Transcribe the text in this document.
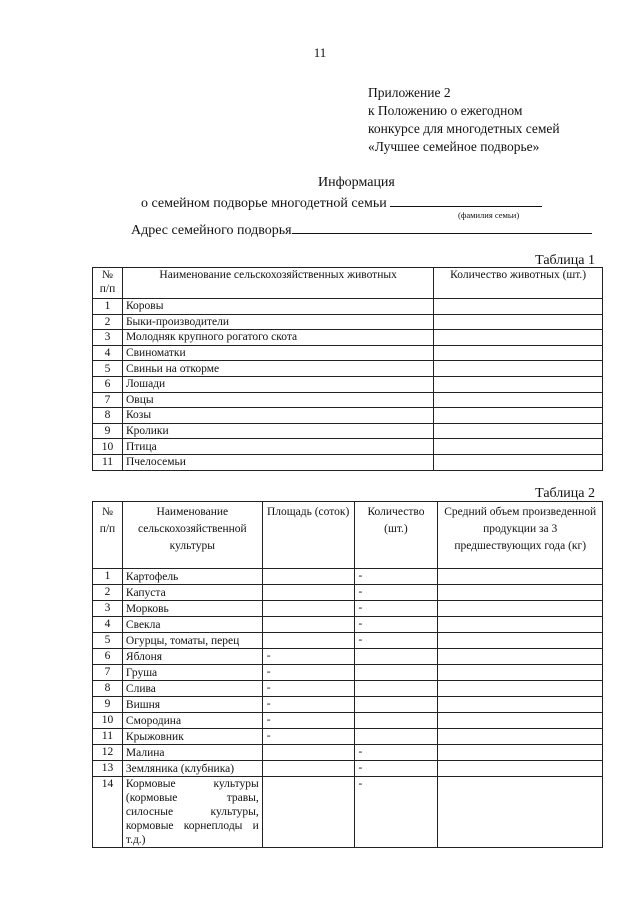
11
Приложение 2
к Положению о ежегодном
конкурсе для многодетных семей
«Лучшее семейное подворье»
Информация
о семейном подворье многодетной семьи
(фамилия семьи)
Адрес семейного подворья
Таблица 1
№ п/п	Наименование сельскохозяйственных животных	Количество животных (шт.)
1	Коровы	
2	Быки-производители	
3	Молодняк крупного рогатого скота	
4	Свиноматки	
5	Свиньи на откорме	
6	Лошади	
7	Овцы	
8	Козы	
9	Кролики	
10	Птица	
11	Пчелосемьи	
Таблица 2
№ п/п	Наименование сельскохозяйственной культуры	Площадь (соток)	Количество (шт.)	Средний объем произведенной продукции за 3 предшествующих года (кг)
1	Картофель		-	
2	Капуста		-	
3	Морковь		-	
4	Свекла		-	
5	Огурцы, томаты, перец		-	
6	Яблоня	-		
7	Груша	-		
8	Слива	-		
9	Вишня	-		
10	Смородина	-		
11	Крыжовник	-		
12	Малина		-	
13	Земляника (клубника)		-	
14	Кормовые культуры (кормовые травы, силосные культуры, кормовые корнеплоды и т.д.)		-	
